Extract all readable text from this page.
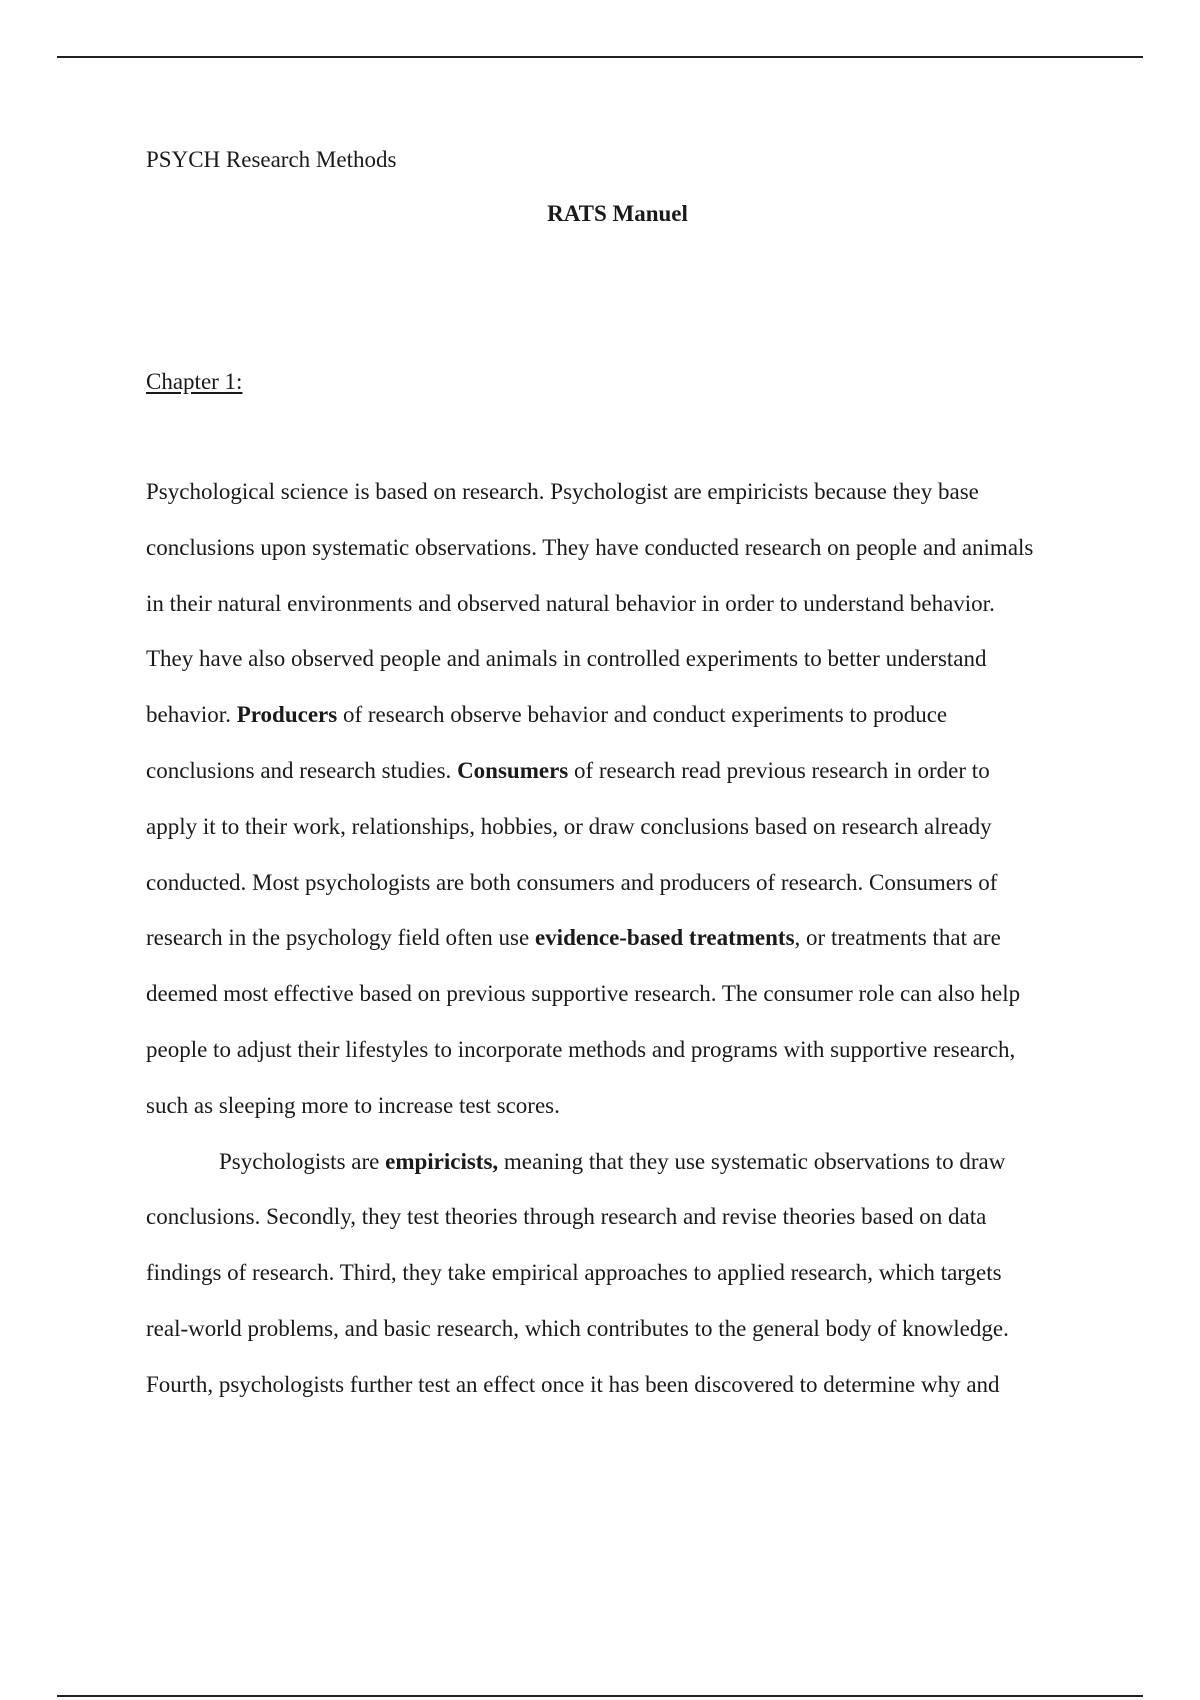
PSYCH Research Methods
RATS Manuel
Chapter 1:
Psychological science is based on research. Psychologist are empiricists because they base
conclusions upon systematic observations. They have conducted research on people and animals
in their natural environments and observed natural behavior in order to understand behavior.
They have also observed people and animals in controlled experiments to better understand
behavior. Producers of research observe behavior and conduct experiments to produce
conclusions and research studies. Consumers of research read previous research in order to
apply it to their work, relationships, hobbies, or draw conclusions based on research already
conducted. Most psychologists are both consumers and producers of research. Consumers of
research in the psychology field often use evidence-based treatments, or treatments that are
deemed most effective based on previous supportive research. The consumer role can also help
people to adjust their lifestyles to incorporate methods and programs with supportive research,
such as sleeping more to increase test scores.
Psychologists are empiricists, meaning that they use systematic observations to draw
conclusions. Secondly, they test theories through research and revise theories based on data
findings of research. Third, they take empirical approaches to applied research, which targets
real-world problems, and basic research, which contributes to the general body of knowledge.
Fourth, psychologists further test an effect once it has been discovered to determine why and
